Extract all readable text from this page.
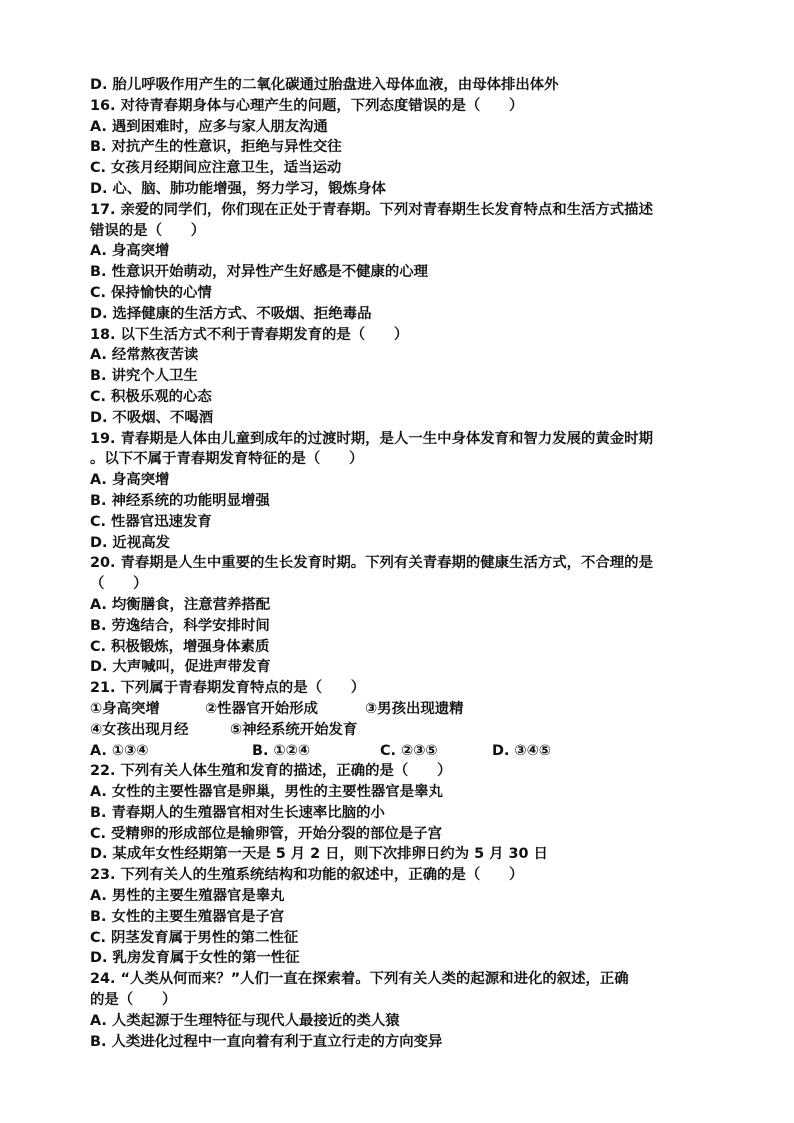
D. 胎儿呼吸作用产生的二氧化碳通过胎盘进入母体血液，由母体排出体外
16. 对待青春期身体与心理产生的问题，下列态度错误的是（　　）
A. 遇到困难时，应多与家人朋友沟通
B. 对抗产生的性意识，拒绝与异性交往
C. 女孩月经期间应注意卫生，适当运动
D. 心、脑、肺功能增强，努力学习，锻炼身体
17. 亲爱的同学们，你们现在正处于青春期。下列对青春期生长发育特点和生活方式描述
错误的是（　　）
A. 身高突增
B. 性意识开始萌动，对异性产生好感是不健康的心理
C. 保持愉快的心情
D. 选择健康的生活方式、不吸烟、拒绝毒品
18. 以下生活方式不利于青春期发育的是（　　）
A. 经常熬夜苦读
B. 讲究个人卫生
C. 积极乐观的心态
D. 不吸烟、不喝酒
19. 青春期是人体由儿童到成年的过渡时期，是人一生中身体发育和智力发展的黄金时期
。以下不属于青春期发育特征的是（　　）
A. 身高突增
B. 神经系统的功能明显增强
C. 性器官迅速发育
D. 近视高发
20. 青春期是人生中重要的生长发育时期。下列有关青春期的健康生活方式，不合理的是
（　　）
A. 均衡膳食，注意营养搭配
B. 劳逸结合，科学安排时间
C. 积极锻炼，增强身体素质
D. 大声喊叫，促进声带发育
21. 下列属于青春期发育特点的是（　　）
①身高突增	②性器官开始形成	③男孩出现遗精
④女孩出现月经	⑤神经系统开始发育
A. ①③④	B. ①②④	C. ②③⑤	D. ③④⑤
22. 下列有关人体生殖和发育的描述，正确的是（　　）
A. 女性的主要性器官是卵巢，男性的主要性器官是睾丸
B. 青春期人的生殖器官相对生长速率比脑的小
C. 受精卵的形成部位是输卵管，开始分裂的部位是子宫
D. 某成年女性经期第一天是 5 月 2 日，则下次排卵日约为 5 月 30 日
23. 下列有关人的生殖系统结构和功能的叙述中，正确的是（　　）
A. 男性的主要生殖器官是睾丸
B. 女性的主要生殖器官是子宫
C. 阴茎发育属于男性的第二性征
D. 乳房发育属于女性的第一性征
24. “人类从何而来？”人们一直在探索着。下列有关人类的起源和进化的叙述，正确
的是（　　）
A. 人类起源于生理特征与现代人最接近的类人猿
B. 人类进化过程中一直向着有利于直立行走的方向变异
